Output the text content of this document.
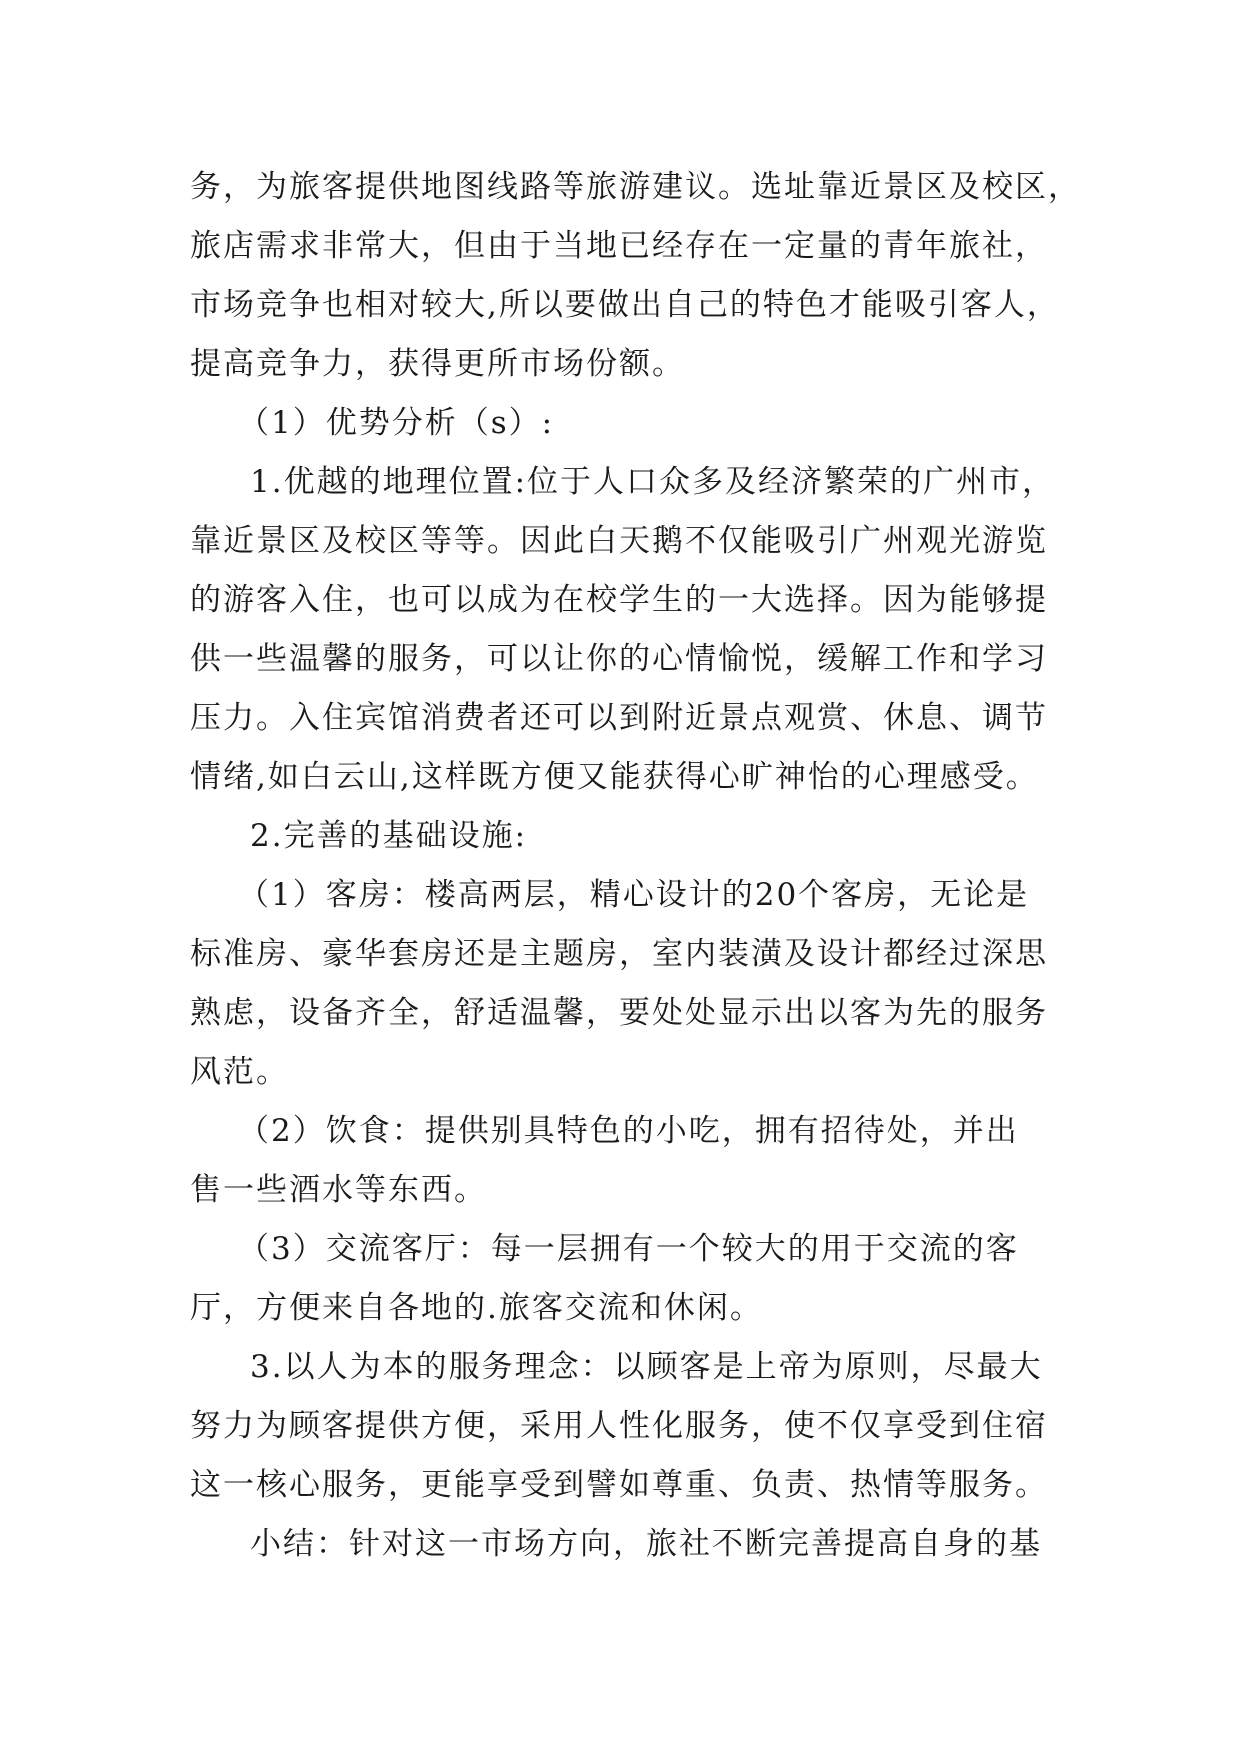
务，为旅客提供地图线路等旅游建议。选址靠近景区及校区，
旅店需求非常大，但由于当地已经存在一定量的青年旅社，
市场竞争也相对较大,所以要做出自己的特色才能吸引客人，
提高竞争力，获得更所市场份额。
（1）优势分析（s）:
1.优越的地理位置:位于人口众多及经济繁荣的广州市，
靠近景区及校区等等。因此白天鹅不仅能吸引广州观光游览
的游客入住，也可以成为在校学生的一大选择。因为能够提
供一些温馨的服务，可以让你的心情愉悦，缓解工作和学习
压力。入住宾馆消费者还可以到附近景点观赏、休息、调节
情绪,如白云山,这样既方便又能获得心旷神怡的心理感受。
2.完善的基础设施:
（1）客房：楼高两层，精心设计的20个客房，无论是
标准房、豪华套房还是主题房，室内装潢及设计都经过深思
熟虑，设备齐全，舒适温馨，要处处显示出以客为先的服务
风范。
（2）饮食：提供别具特色的小吃，拥有招待处，并出
售一些酒水等东西。
（3）交流客厅：每一层拥有一个较大的用于交流的客
厅，方便来自各地的.旅客交流和休闲。
3.以人为本的服务理念：以顾客是上帝为原则，尽最大
努力为顾客提供方便，采用人性化服务，使不仅享受到住宿
这一核心服务，更能享受到譬如尊重、负责、热情等服务。
小结：针对这一市场方向，旅社不断完善提高自身的基
